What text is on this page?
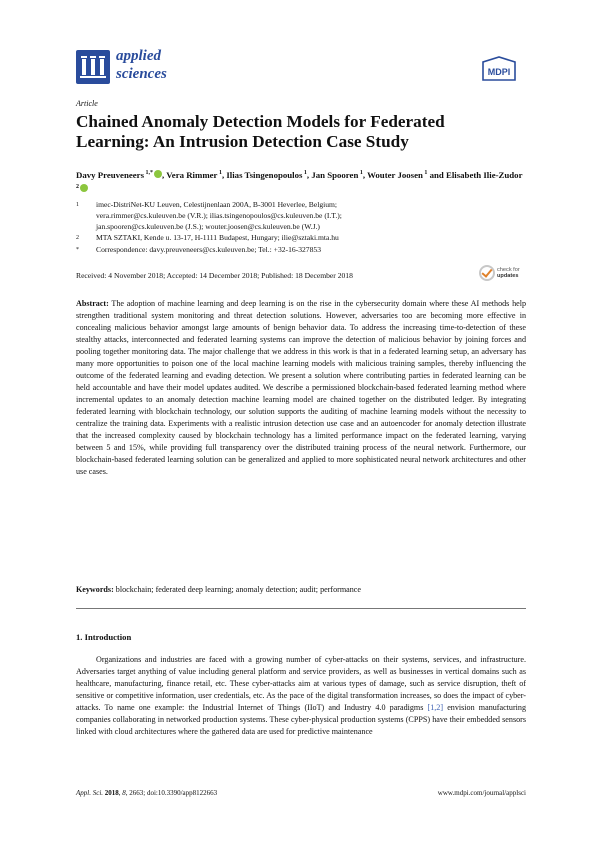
applied
sciences	MDPI
Article
Chained Anomaly Detection Models for Federated Learning: An Intrusion Detection Case Study
Davy Preuveneers $^{1,*}$ , Vera Rimmer $^1$, Ilias Tsingenopoulos $^1$, Jan Spooren $^1$, Wouter Joosen $^1$ and Elisabeth Ilie-Zudor $^2$
1	imec-DistriNet-KU Leuven, Celestijnenlaan 200A, B-3001 Heverlee, Belgium;
vera.rimmer@cs.kuleuven.be (V.R.); ilias.tsingenopoulos@cs.kuleuven.be (I.T.);
jan.spooren@cs.kuleuven.be (J.S.); wouter.joosen@cs.kuleuven.be (W.J.)
2	MTA SZTAKI, Kende u. 13-17, H-1111 Budapest, Hungary; ilie@sztaki.mta.hu
*	Correspondence: davy.preuveneers@cs.kuleuven.be; Tel.: +32-16-327853
Received: 4 November 2018; Accepted: 14 December 2018; Published: 18 December 2018
check for
updates
Abstract: The adoption of machine learning and deep learning is on the rise in the cybersecurity domain where these AI methods help strengthen traditional system monitoring and threat detection solutions. However, adversaries too are becoming more effective in concealing malicious behavior amongst large amounts of benign behavior data. To address the increasing time-to-detection of these stealthy attacks, interconnected and federated learning systems can improve the detection of malicious behavior by joining forces and pooling together monitoring data. The major challenge that we address in this work is that in a federated learning setup, an adversary has many more opportunities to poison one of the local machine learning models with malicious training samples, thereby influencing the outcome of the federated learning and evading detection. We present a solution where contributing parties in federated learning can be held accountable and have their model updates audited. We describe a permissioned blockchain-based federated learning method where incremental updates to an anomaly detection machine learning model are chained together on the distributed ledger. By integrating federated learning with blockchain technology, our solution supports the auditing of machine learning models without the necessity to centralize the training data. Experiments with a realistic intrusion detection use case and an autoencoder for anomaly detection illustrate that the increased complexity caused by blockchain technology has a limited performance impact on the federated learning, varying between 5 and 15%, while providing full transparency over the distributed training process of the neural network. Furthermore, our blockchain-based federated learning solution can be generalized and applied to more sophisticated neural network architectures and other use cases.
Keywords: blockchain; federated deep learning; anomaly detection; audit; performance
1. Introduction
Organizations and industries are faced with a growing number of cyber-attacks on their systems, services, and infrastructure. Adversaries target anything of value including general platform and service providers, as well as businesses in vertical domains such as healthcare, manufacturing, finance retail, etc. These cyber-attacks aim at various types of damage, such as service disruption, theft of sensitive or competitive information, user credentials, etc. As the pace of the digital transformation increases, so does the impact of cyber-attacks. To name one example: the Industrial Internet of Things (IIoT) and Industry 4.0 paradigms [1,2] envision manufacturing companies collaborating in networked production systems. These cyber-physical production systems (CPPS) have their embedded sensors linked with cloud architectures where the gathered data are used for predictive maintenance
Appl. Sci. 2018, 8, 2663; doi:10.3390/app8122663	www.mdpi.com/journal/applsci
